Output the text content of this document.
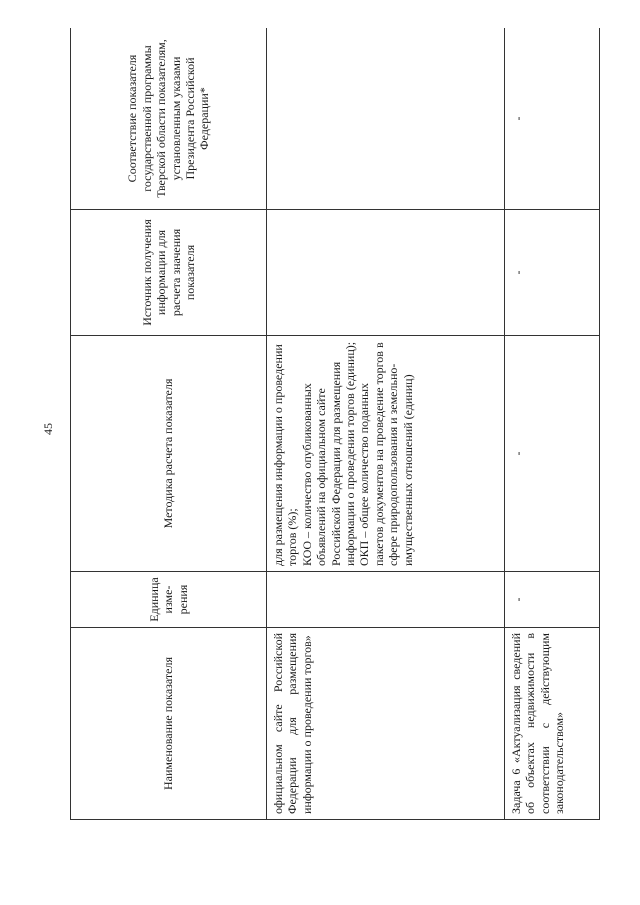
45
Наименование показателя	Единица изме-рения	Методика расчета показателя	Источник получения информации для расчета значения показателя	Соответствие показателя государственной программы Тверской области показателям, установленным указами Президента Российской Федерации*
официальном сайте Российской Федерации для размещения информации о проведении торгов»		для размещения информации о проведении торгов (%);
КОО – количество опубликованных объявлений на официальном сайте Российской Федерации для размещения информации о проведении торгов (единиц);
ОКП – общее количество поданных пакетов документов на проведение торгов в сфере природопользования и земельно-имущественных отношений (единиц)		
Задача 6 «Актуализация сведений об объектах недвижимости в соответствии с действующим законодательством»	-	-	-	-
